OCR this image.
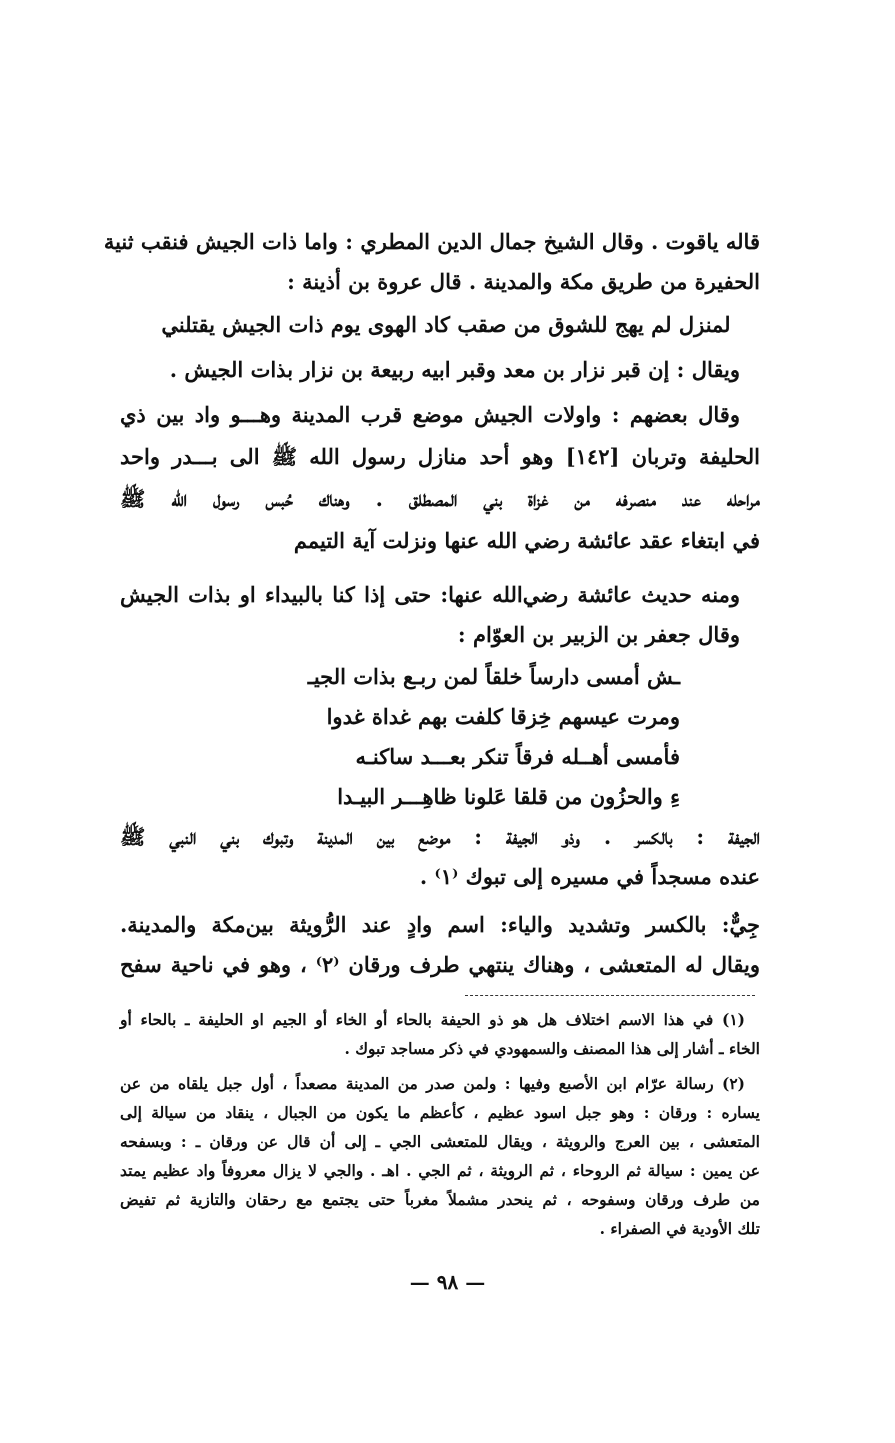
قاله ياقوت . وقال الشيخ جمال الدين المطري : واما ذات الجيش فنقب ثنية
الحفيرة من طريق مكة والمدينة . قال عروة بن أذينة :
كاد الهوى يوم ذات الجيش يقتلني لمنزل لم يهج للشوق من صقب
ويقال : إن قبر نزار بن معد وقبر ابيه ربيعة بن نزار بذات الجيش .
وقال بعضهم : واولات الجيش موضع قرب المدينة وهـــو واد بين ذي
الحليفة وتربان [١٤٢] وهو أحد منازل رسول الله ﷺ الى بـــدر واحد
مراحله عند منصرفه من غزاة بني المصطلق . وهناك حُبس رسول الله ﷺ
في ابتغاء عقد عائشة رضي الله عنها ونزلت آية التيمم
ومنه حديث عائشة رضي‌الله عنها: حتى إذا كنا بالبيداء او بذات الجيش
وقال جعفر بن الزبير بن العوّام :
لمن ربـع بذات الجيـ ـش أمسى دارساً خلقاً
كلفت بهم غداة غدوا ومرت عيسهم خِزقا
تنكر بعـــد ساكنـه فأمسى أهــله فرقاً
عَلونا ظاهِـــر البيـدا ءِ والحزُون من قلقا
الجيفة : بالكسر . وذو الجيفة : موضع بين المدينة وتبوك بني النبي ﷺ
عنده مسجداً في مسيره إلى تبوك ⁽١⁾ .
جِيٌّ: بالكسر وتشديد والياء: اسم وادٍ عند الرُّويثة بين‌مكة والمدينة.
ويقال له المتعشى ، وهناك ينتهي طرف ورقان ⁽٢⁾ ، وهو في ناحية سفح
(١) في هذا الاسم اختلاف هل هو ذو الحيفة بالحاء أو الخاء أو الجيم او الحليفة ـ بالحاء أو
الخاء ـ أشار إلى هذا المصنف والسمهودي في ذكر مساجد تبوك .
(٢) رسالة عرّام ابن الأصبع وفيها : ولمن صدر من المدينة مصعداً ، أول جبل يلقاه من عن
يساره : ورقان : وهو جبل اسود عظيم ، كأعظم ما يكون من الجبال ، ينقاد من سيالة إلى
المتعشى ، بين العرج والرويثة ، ويقال للمتعشى الجي ـ إلى أن قال عن ورقان ـ : وبسفحه
عن يمين : سيالة ثم الروحاء ، ثم الرويثة ، ثم الجي . اهـ . والجي لا يزال معروفاً واد عظيم يمتد
من طرف ورقان وسفوحه ، ثم ينحدر مشملاً مغرباً حتى يجتمع مع رحقان والتازية ثم تفيض
تلك الأودية في الصفراء .
— ٩٨ —
